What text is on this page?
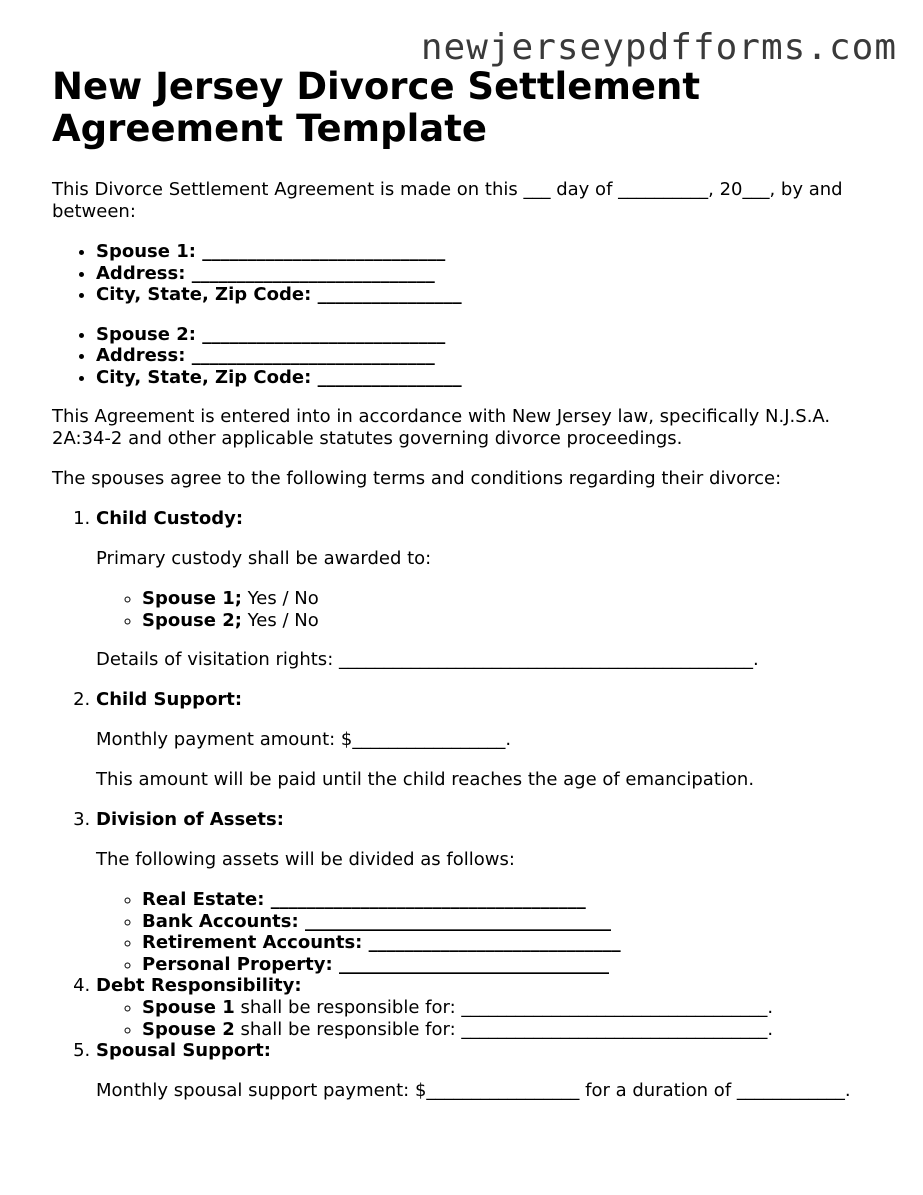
newjerseypdfforms.com
New Jersey Divorce Settlement Agreement Template

This Divorce Settlement Agreement is made on this ___ day of __________, 20___, by and between:

• Spouse 1: ___________________________
• Address: ___________________________
• City, State, Zip Code: ________________
• Spouse 2: ___________________________
• Address: ___________________________
• City, State, Zip Code: ________________

This Agreement is entered into in accordance with New Jersey law, specifically N.J.S.A. 2A:34-2 and other applicable statutes governing divorce proceedings.

The spouses agree to the following terms and conditions regarding their divorce:

1. Child Custody:

Primary custody shall be awarded to:

◦ Spouse 1; Yes / No
◦ Spouse 2; Yes / No

Details of visitation rights: ______________________________________________.

2. Child Support:

Monthly payment amount: $_________________.

This amount will be paid until the child reaches the age of emancipation.

3. Division of Assets:

The following assets will be divided as follows:

◦ Real Estate: ___________________________________
◦ Bank Accounts: __________________________________
◦ Retirement Accounts: ____________________________
◦ Personal Property: ______________________________
4. Debt Responsibility:
◦ Spouse 1 shall be responsible for: __________________________________.
◦ Spouse 2 shall be responsible for: __________________________________.
5. Spousal Support:

Monthly spousal support payment: $_________________ for a duration of ____________.
